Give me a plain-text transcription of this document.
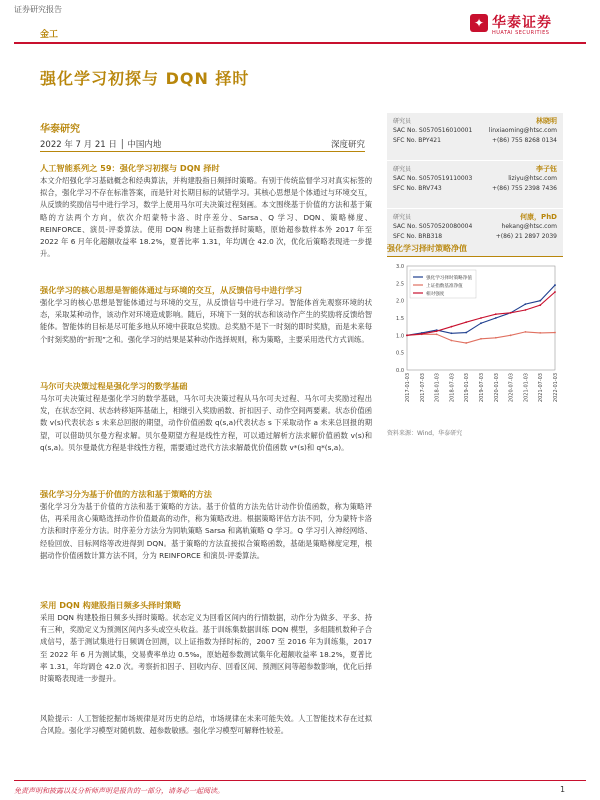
证券研究报告
金工
✦ 华泰证券
HUATAI SECURITIES
强化学习初探与 DQN 择时
华泰研究
2022 年 7 月 21 日 │ 中国内地	深度研究
人工智能系列之 59：强化学习初探与 DQN 择时
本文介绍强化学习基础概念和经典算法，并构建股指日频择时策略。有别于传统监督学习对真实标签的拟合，强化学习不存在标准答案，而是针对长期目标的试错学习。其核心思想是个体通过与环境交互，从反馈的奖励信号中进行学习，数学上使用马尔可夫决策过程刻画。本文围绕基于价值的方法和基于策略的方法两个方向，依次介绍蒙特卡洛、时序差分、Sarsa、Q 学习、DQN、策略梯度、REINFORCE、演员-评委算法。使用 DQN 构建上证指数择时策略，原始超参数样本外 2017 年至 2022 年 6 月年化超额收益率 18.2%，夏普比率 1.31，年均调仓 42.0 次，优化后策略表现进一步提升。
强化学习的核心思想是智能体通过与环境的交互，从反馈信号中进行学习
强化学习的核心思想是智能体通过与环境的交互，从反馈信号中进行学习。智能体首先观察环境的状态，采取某种动作，该动作对环境造成影响。随后，环境下一刻的状态和该动作产生的奖励将反馈给智能体。智能体的目标是尽可能多地从环境中获取总奖励。总奖励不是下一时刻的即时奖励，而是未来每个时刻奖励的“折现”之和。强化学习的结果是某种动作选择规则，称为策略，主要采用迭代方式训练。
马尔可夫决策过程是强化学习的数学基础
马尔可夫决策过程是强化学习的数学基础，马尔可夫决策过程从马尔可夫过程、马尔可夫奖励过程出发，在状态空间、状态转移矩阵基础上，相继引入奖励函数、折扣因子、动作空间两要素。状态价值函数 v(s)代表状态 s 未来总回报的期望，动作价值函数 q(s,a)代表状态 s 下采取动作 a 未来总回报的期望，可以借助贝尔曼方程求解。贝尔曼期望方程是线性方程，可以通过解析方法求解价值函数 v(s)和 q(s,a)。贝尔曼最优方程是非线性方程，需要通过迭代方法求解最优价值函数 v*(s)和 q*(s,a)。
强化学习分为基于价值的方法和基于策略的方法
强化学习分为基于价值的方法和基于策略的方法。基于价值的方法先估计动作价值函数，称为策略评估，再采用贪心策略选择动作价值最高的动作，称为策略改进。根据策略评估方法不同，分为蒙特卡洛方法和时序差分方法。时序差分方法分为同轨策略 Sarsa 和离轨策略 Q 学习。Q 学习引入神经网络、经验回放、目标网络等改进得到 DQN。基于策略的方法直接拟合策略函数，基础是策略梯度定理，根据动作价值函数计算方法不同，分为 REINFORCE 和演员-评委算法。
采用 DQN 构建股指日频多头择时策略
采用 DQN 构建股指日频多头择时策略。状态定义为回看区间内的行情数据，动作分为做多、平多、持有三种，奖励定义为预测区间内多头或空头收益。基于训练集数据训练 DQN 模型，多组随机数种子合成信号，基于测试集进行日频调仓回测，以上证指数为择时标的，2007 至 2016 年为训练集，2017 至 2022 年 6 月为测试集，交易费率单边 0.5‰，原始超参数测试集年化超额收益率 18.2%，夏普比率 1.31，年均调仓 42.0 次。考察折扣因子、回收内存、回看区间、预测区间等超参数影响，优化后择时策略表现进一步提升。
风险提示：人工智能挖掘市场规律是对历史的总结，市场规律在未来可能失效。人工智能技术存在过拟合风险。强化学习模型对随机数、超参数敏感。强化学习模型可解释性较差。
研究员	林晓明
SAC No. S0570516010001	linxiaoming@htsc.com
SFC No. BPY421	+(86) 755 8268 0134
研究员	李子钰
SAC No. S0570519110003	liziyu@htsc.com
SFC No. BRV743	+(86) 755 2398 7436
研究员	何康，PhD
SAC No. S0570520080004	hekang@htsc.com
SFC No. BRB318	+(86) 21 2897 2039
强化学习择时策略净值
0.0
0.5
1.0
1.5
2.0
2.5
3.0
2017-01-03 2017-07-03 2018-01-03 2018-07-03 2019-01-03 2019-07-03 2020-01-03 2020-07-03 2021-01-03 2021-07-03 2022-01-03
强化学习择时策略净值
上证指数基准净值
相对强度
资料来源：Wind，华泰研究
免责声明和披露以及分析师声明是报告的一部分，请务必一起阅读。	1
